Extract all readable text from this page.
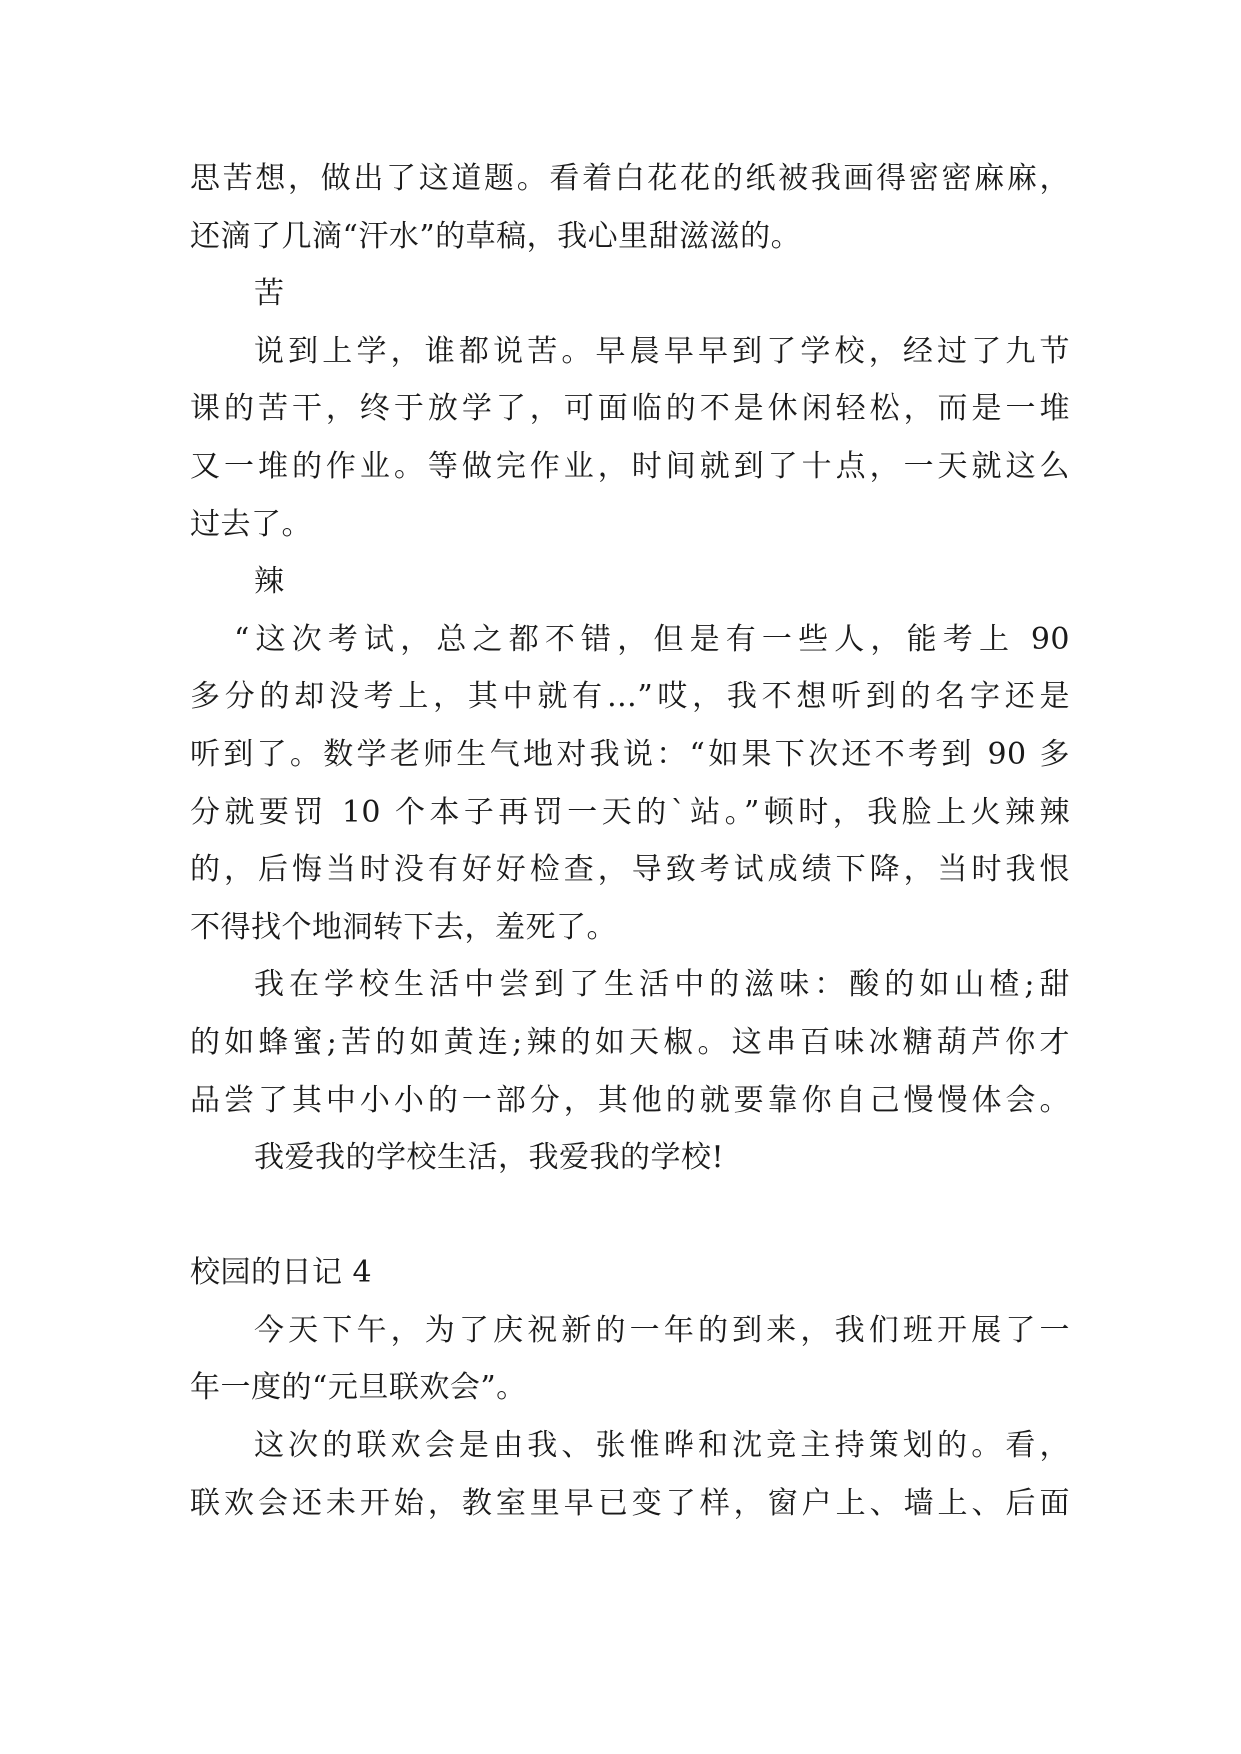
思苦想，做出了这道题。看着白花花的纸被我画得密密麻麻，
还滴了几滴“汗水”的草稿，我心里甜滋滋的。
苦
说到上学，谁都说苦。早晨早早到了学校，经过了九节
课的苦干，终于放学了，可面临的不是休闲轻松，而是一堆
又一堆的作业。等做完作业，时间就到了十点，一天就这么
过去了。
辣
“这次考试，总之都不错，但是有一些人，能考上 90
多分的却没考上，其中就有…”哎，我不想听到的名字还是
听到了。数学老师生气地对我说：“如果下次还不考到 90 多
分就要罚 10 个本子再罚一天的`站。”顿时，我脸上火辣辣
的，后悔当时没有好好检查，导致考试成绩下降，当时我恨
不得找个地洞转下去，羞死了。
我在学校生活中尝到了生活中的滋味：酸的如山楂;甜
的如蜂蜜;苦的如黄连;辣的如天椒。这串百味冰糖葫芦你才
品尝了其中小小的一部分，其他的就要靠你自己慢慢体会。
我爱我的学校生活，我爱我的学校!
校园的日记 4
今天下午，为了庆祝新的一年的到来，我们班开展了一
年一度的“元旦联欢会”。
这次的联欢会是由我、张惟晔和沈竞主持策划的。看，
联欢会还未开始，教室里早已变了样，窗户上、墙上、后面
